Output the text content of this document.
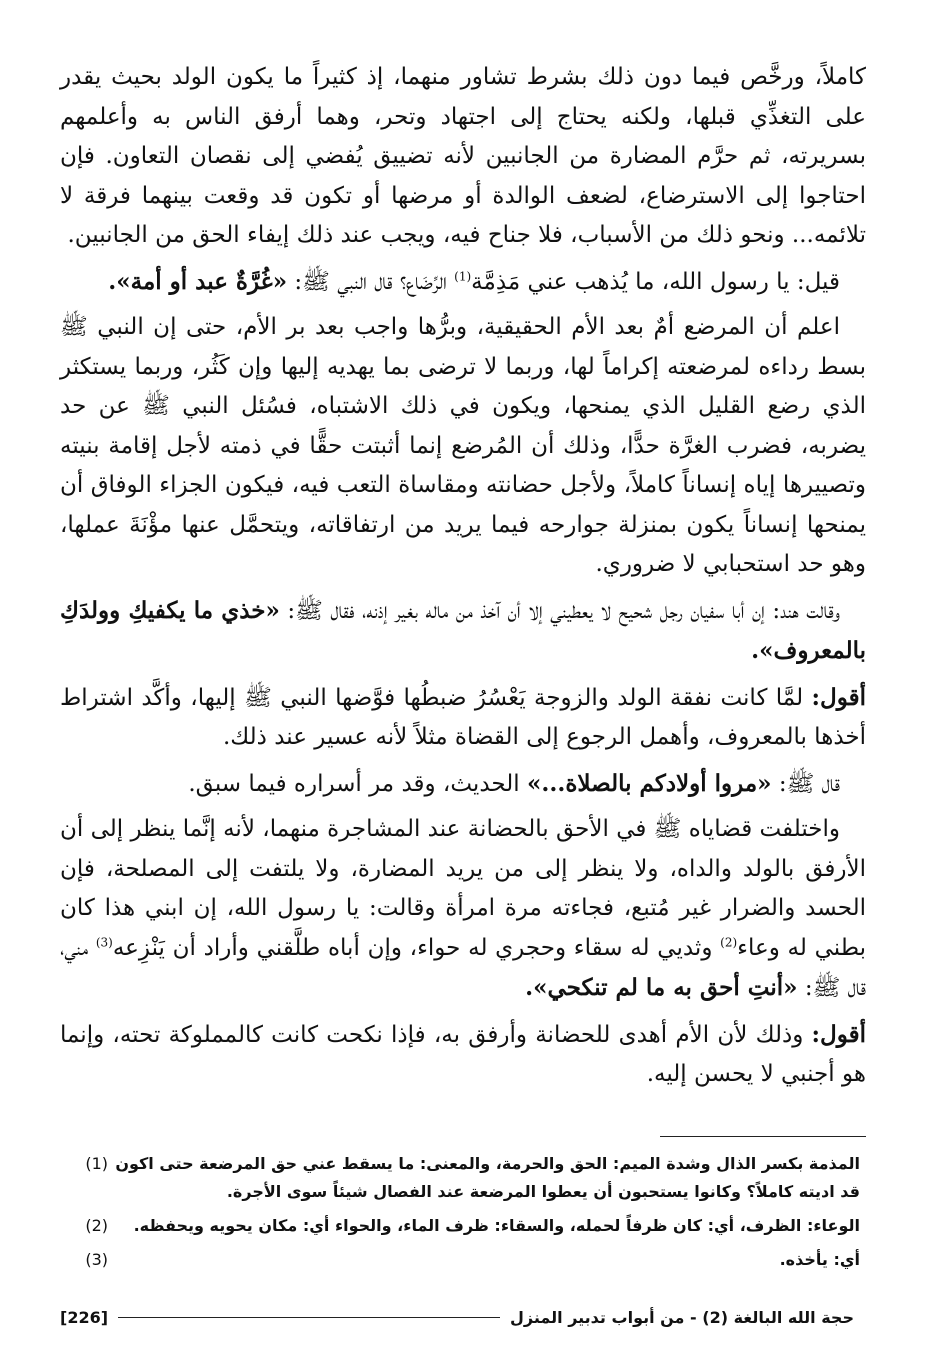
كاملاً، ورخَّص فيما دون ذلك بشرط تشاور منهما، إذ كثيراً ما يكون الولد بحيث يقدر على التغذِّي قبلها، ولكنه يحتاج إلى اجتهاد وتحر، وهما أرفق الناس به وأعلمهم بسريرته، ثم حرَّم المضارة من الجانبين لأنه تضييق يُفضي إلى نقصان التعاون. فإن احتاجوا إلى الاسترضاع، لضعف الوالدة أو مرضها أو تكون قد وقعت بينهما فرقة لا تلائمه... ونحو ذلك من الأسباب، فلا جناح فيه، ويجب عند ذلك إيفاء الحق من الجانبين.

قيل: يا رسول الله، ما يُذهب عني مَذِمَّة$^{(1)}$ الرِّضَاع؟ قال النبي ﷺ: «غُرَّةٌ عبد أو أمة».

اعلم أن المرضع أمٌ بعد الأم الحقيقية، وبرُّها واجب بعد بر الأم، حتى إن النبي ﷺ بسط رداءه لمرضعته إكراماً لها، وربما لا ترضى بما يهديه إليها وإن كَثُر، وربما يستكثر الذي رضع القليل الذي يمنحها، ويكون في ذلك الاشتباه، فسُئل النبي ﷺ عن حد يضربه، فضرب الغرَّة حدًّا، وذلك أن المُرضع إنما أثبتت حقًّا في ذمته لأجل إقامة بنيته وتصييرها إياه إنساناً كاملاً، ولأجل حضانته ومقاساة التعب فيه، فيكون الجزاء الوفاق أن يمنحها إنساناً يكون بمنزلة جوارحه فيما يريد من ارتفاقاته، ويتحمَّل عنها مؤْنَةَ عملها، وهو حد استحبابي لا ضروري.

وقالت هند: إن أبا سفيان رجل شحيح لا يعطيني إلا أن آخذ من ماله بغير إذنه، فقال ﷺ: «خذي ما يكفيكِ وولدَكِ بالمعروف».

أقول: لمَّا كانت نفقة الولد والزوجة يَعْسُرُ ضبطُها فوَّضها النبي ﷺ إليها، وأكَّد اشتراط أخذها بالمعروف، وأهمل الرجوع إلى القضاة مثلاً لأنه عسير عند ذلك.

قال ﷺ: «مروا أولادكم بالصلاة...» الحديث، وقد مر أسراره فيما سبق.

واختلفت قضاياه ﷺ في الأحق بالحضانة عند المشاجرة منهما، لأنه إنَّما ينظر إلى أن الأرفق بالولد والداه، ولا ينظر إلى من يريد المضارة، ولا يلتفت إلى المصلحة، فإن الحسد والضرار غير مُتبع، فجاءته مرة امرأة وقالت: يا رسول الله، إن ابني هذا كان بطني له وعاء$^{(2)}$ وثديي له سقاء وحجري له حواء، وإن أباه طلَّقني وأراد أن يَنْزِعه$^{(3)}$ مني، قال ﷺ: «أنتِ أحق به ما لم تنكحي».

أقول: وذلك لأن الأم أهدى للحضانة وأرفق به، فإذا نكحت كانت كالمملوكة تحته، وإنما هو أجنبي لا يحسن إليه.

المذمة بكسر الذال وشدة الميم: الحق والحرمة، والمعنى: ما يسقط عني حق المرضعة حتى اكون قد اديته كاملاً؟ وكانوا يستحبون أن يعطوا المرضعة عند الفصال شيئاً سوى الأجرة.
(1)
الوعاء: الظرف، أي: كان ظرفاً لحمله، والسقاء: ظرف الماء، والحواء أي: مكان يحويه ويحفظه.
(2)
أي: يأخذه.
(3)
حجة الله البالغة (2) - من أبواب تدبير المنزل
[226]
